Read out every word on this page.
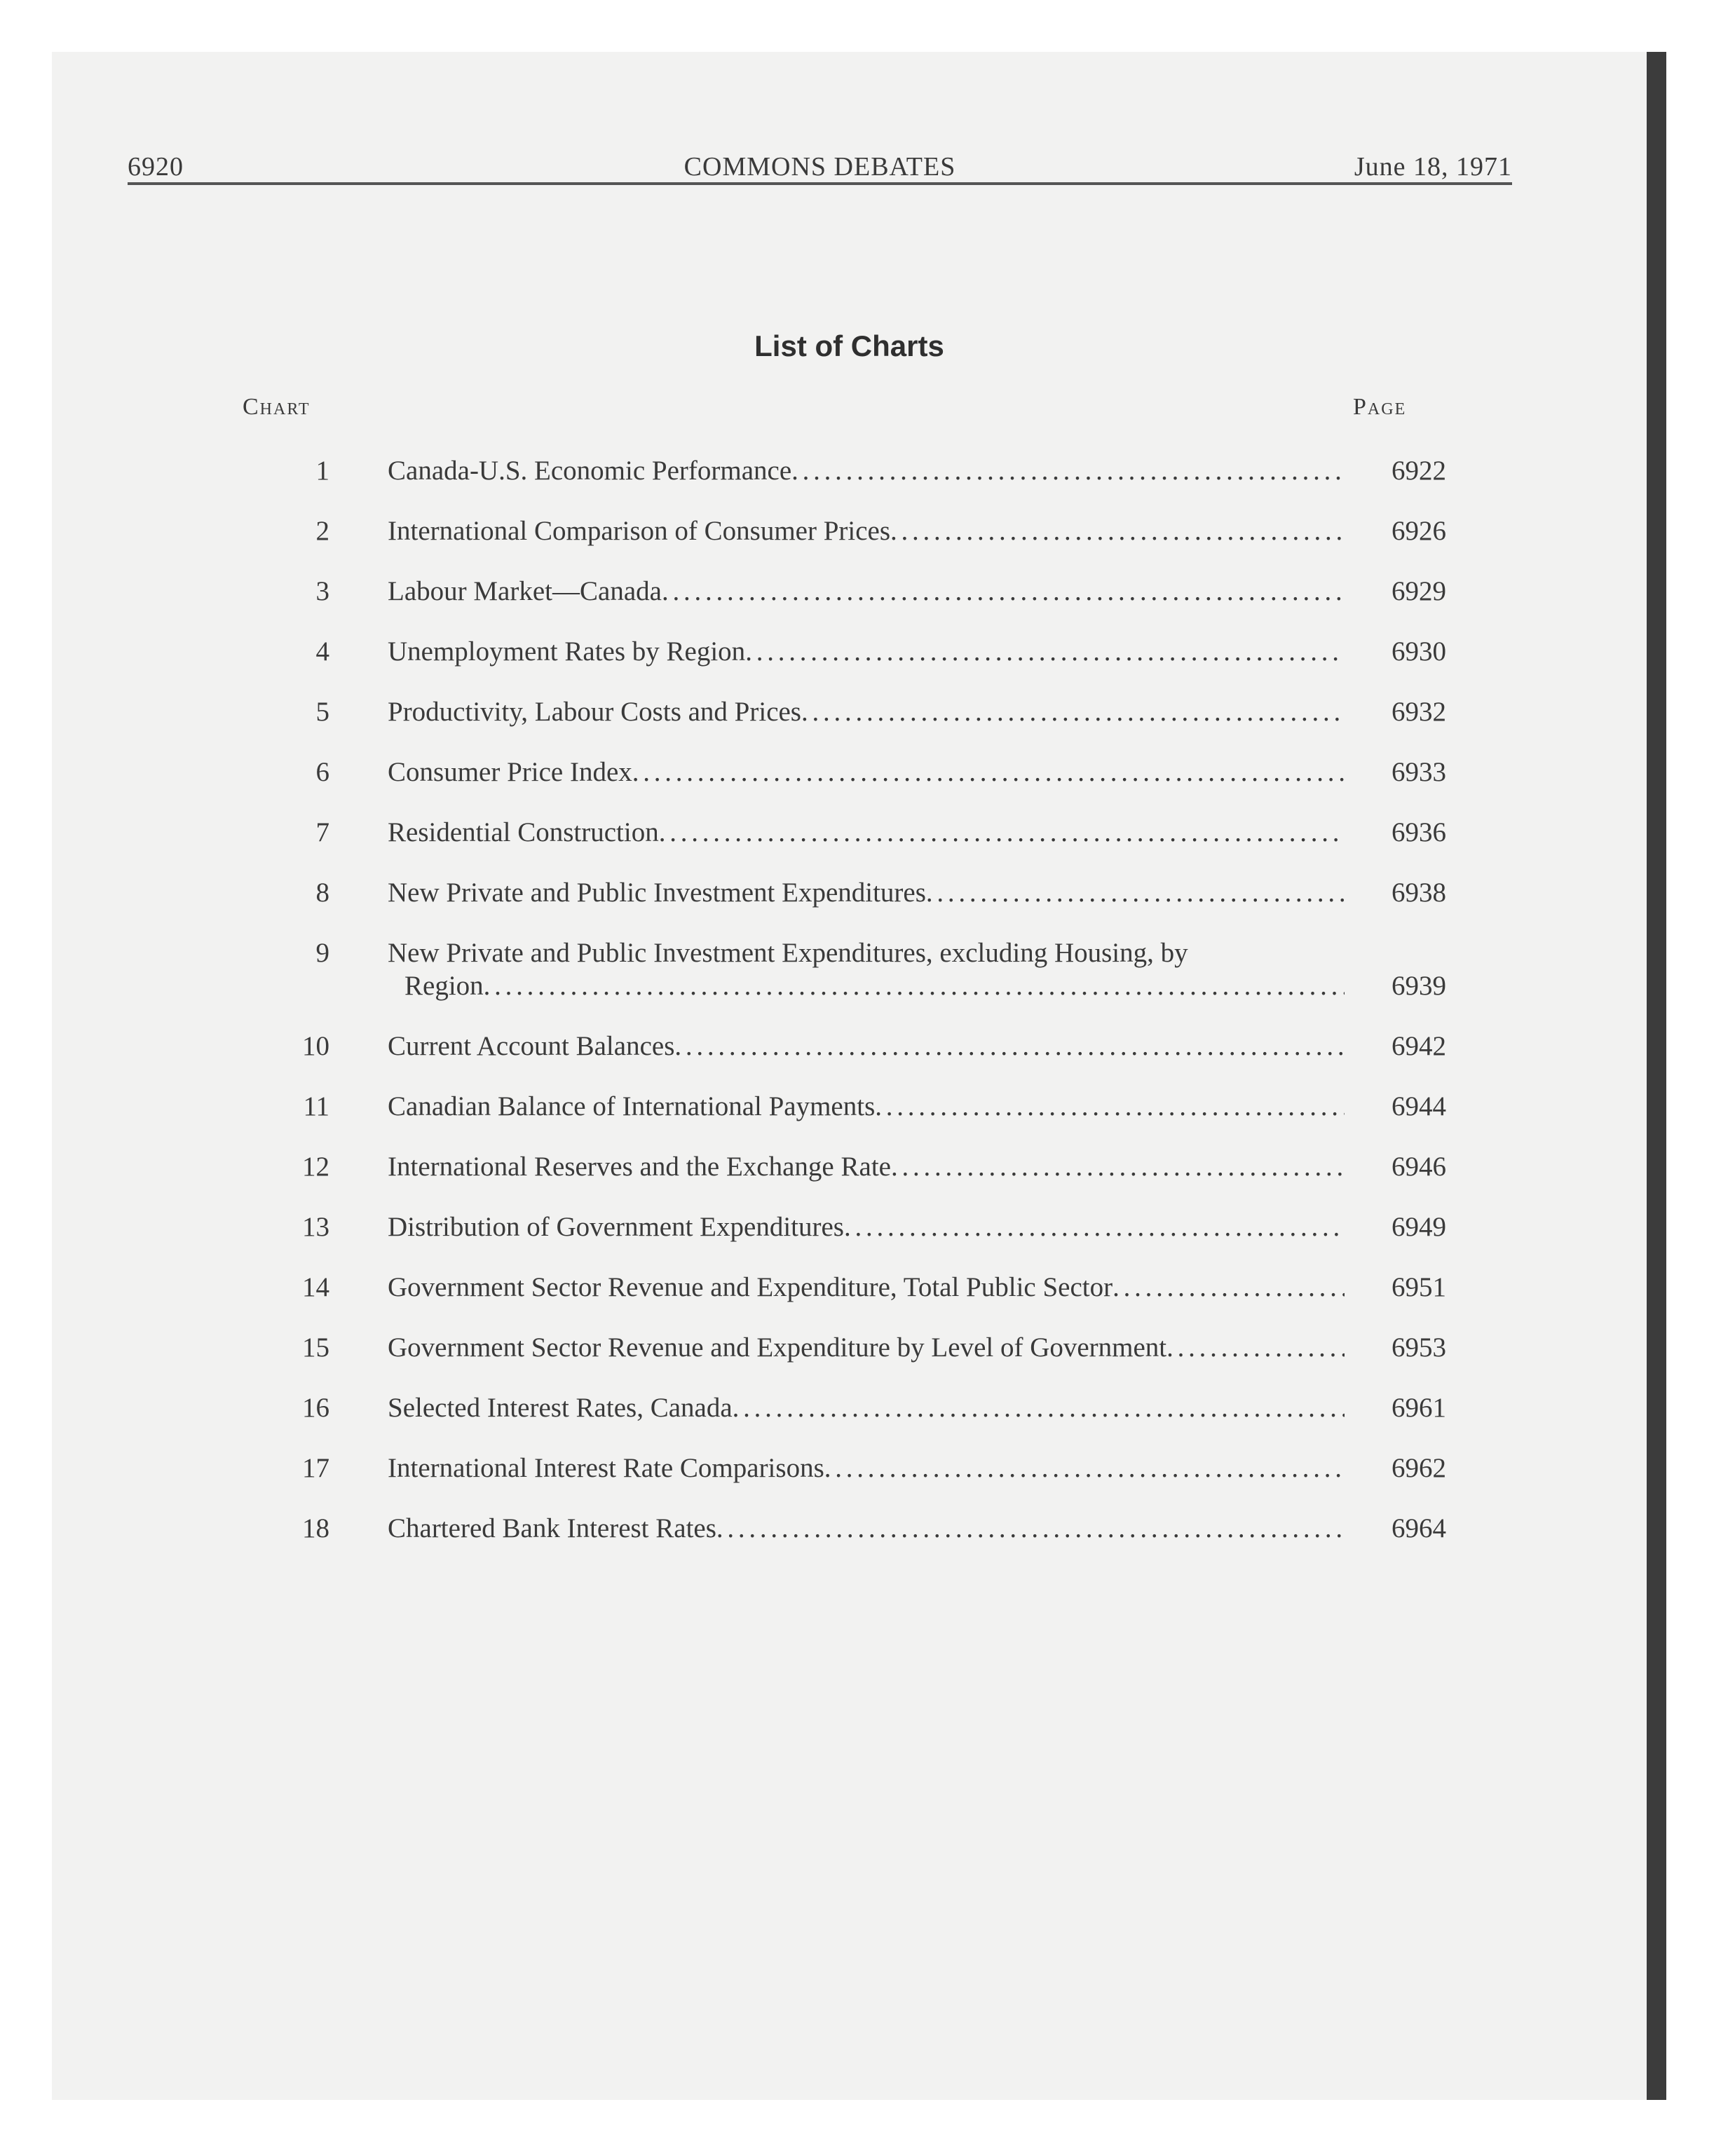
6920	COMMONS DEBATES	June 18, 1971
List of Charts
Chart	Page
1 Canada-U.S. Economic Performance . . .	6922
2 International Comparison of Consumer Prices . . .	6926
3 Labour Market—Canada . . .	6929
4 Unemployment Rates by Region . . .	6930
5 Productivity, Labour Costs and Prices . . .	6932
6 Consumer Price Index . . .	6933
7 Residential Construction . . .	6936
8 New Private and Public Investment Expenditures . . .	6938
9 New Private and Public Investment Expenditures, excluding Housing, by
Region . . .	6939
10 Current Account Balances . . .	6942
11 Canadian Balance of International Payments . . .	6944
12 International Reserves and the Exchange Rate . . .	6946
13 Distribution of Government Expenditures . . .	6949
14 Government Sector Revenue and Expenditure, Total Public Sector . . .	6951
15 Government Sector Revenue and Expenditure by Level of Government . . .	6953
16 Selected Interest Rates, Canada . . .	6961
17 International Interest Rate Comparisons . . .	6962
18 Chartered Bank Interest Rates . . .	6964
